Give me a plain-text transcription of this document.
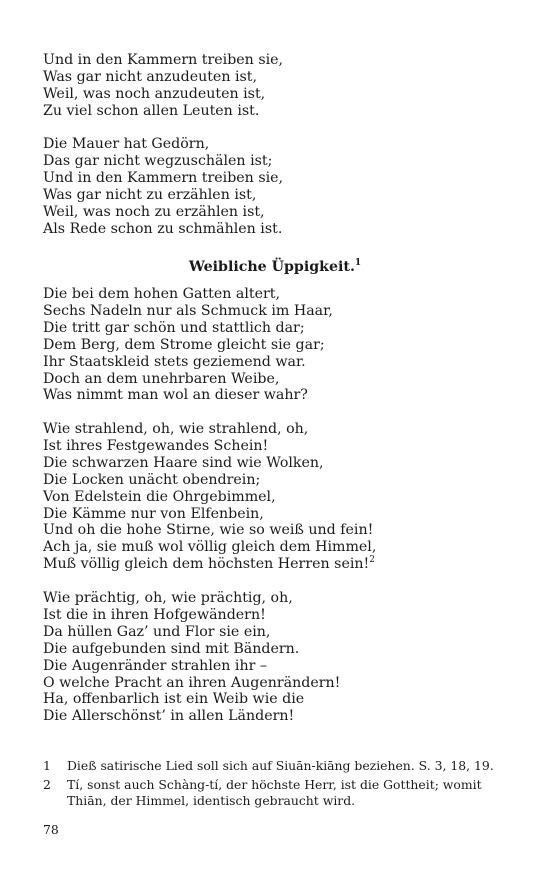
Und in den Kammern treiben sie,
Was gar nicht anzudeuten ist,
Weil, was noch anzudeuten ist,
Zu viel schon allen Leuten ist.
Die Mauer hat Gedörn,
Das gar nicht wegzuschälen ist;
Und in den Kammern treiben sie,
Was gar nicht zu erzählen ist,
Weil, was noch zu erzählen ist,
Als Rede schon zu schmählen ist.
Weibliche Üppigkeit.$^1$
Die bei dem hohen Gatten altert,
Sechs Nadeln nur als Schmuck im Haar,
Die tritt gar schön und stattlich dar;
Dem Berg, dem Strome gleicht sie gar;
Ihr Staatskleid stets geziemend war.
Doch an dem unehrbaren Weibe,
Was nimmt man wol an dieser wahr?
Wie strahlend, oh, wie strahlend, oh,
Ist ihres Festgewandes Schein!
Die schwarzen Haare sind wie Wolken,
Die Locken unächt obendrein;
Von Edelstein die Ohrgebimmel,
Die Kämme nur von Elfenbein,
Und oh die hohe Stirne, wie so weiß und fein!
Ach ja, sie muß wol völlig gleich dem Himmel,
Muß völlig gleich dem höchsten Herren sein!$^2$
Wie prächtig, oh, wie prächtig, oh,
Ist die in ihren Hofgewändern!
Da hüllen Gaz’ und Flor sie ein,
Die aufgebunden sind mit Bändern.
Die Augenränder strahlen ihr –
O welche Pracht an ihren Augenrändern!
Ha, offenbarlich ist ein Weib wie die
Die Allerschönst’ in allen Ländern!
1 Dieß satirische Lied soll sich auf Siuān-kiāng beziehen. S. 3, 18, 19.
2 Tí, sonst auch Schàng-tí, der höchste Herr, ist die Gottheit; womit Thiān, der Himmel, identisch gebraucht wird.
78
